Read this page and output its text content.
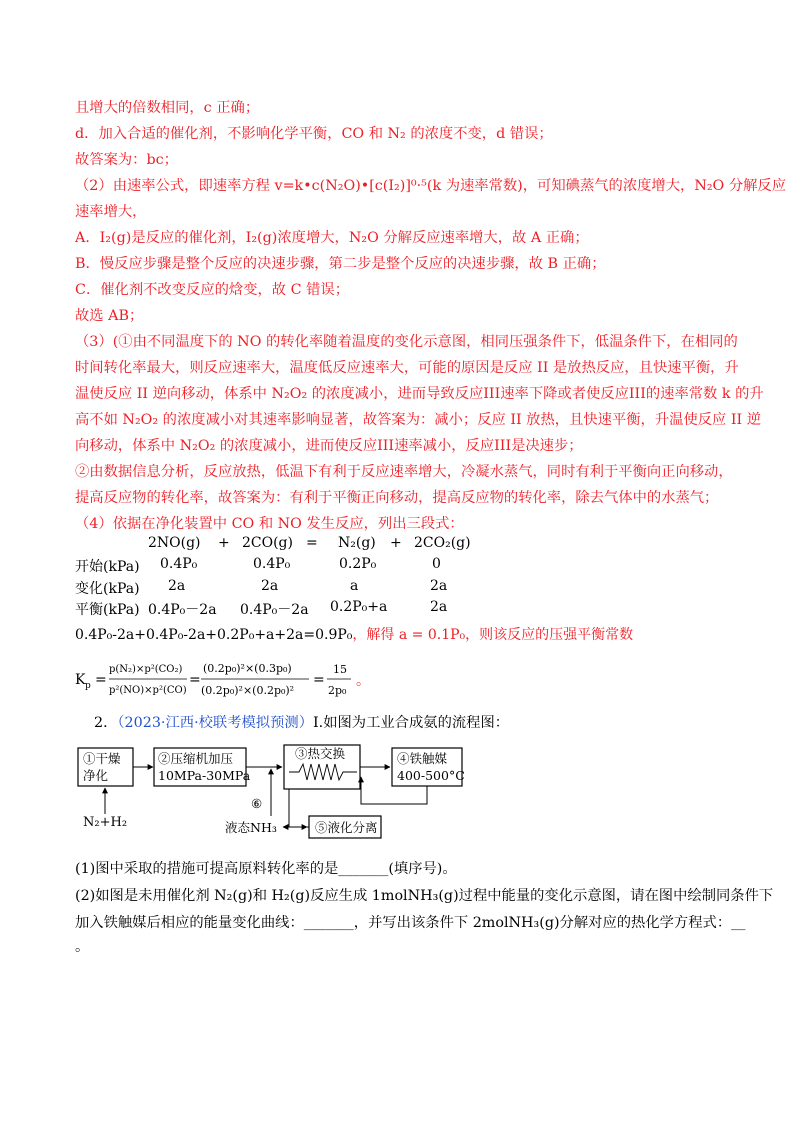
且增大的倍数相同，c 正确；
d．加入合适的催化剂，不影响化学平衡，CO 和 N₂ 的浓度不变，d 错误；
故答案为：bc；
（2）由速率公式，即速率方程 v=k•c(N₂O)•[c(I₂)]⁰·⁵(k 为速率常数)，可知碘蒸气的浓度增大，N₂O 分解反应
速率增大，
A．I₂(g)是反应的催化剂，I₂(g)浓度增大，N₂O 分解反应速率增大，故 A 正确；
B．慢反应步骤是整个反应的决速步骤，第二步是整个反应的决速步骤，故 B 正确；
C．催化剂不改变反应的焓变，故 C 错误；
故选 AB；
（3）(①由不同温度下的 NO 的转化率随着温度的变化示意图，相同压强条件下，低温条件下，在相同的
时间转化率最大，则反应速率大，温度低反应速率大，可能的原因是反应 II 是放热反应，且快速平衡，升
温使反应 II 逆向移动，体系中 N₂O₂ 的浓度减小，进而导致反应III速率下降或者使反应III的速率常数 k 的升
高不如 N₂O₂ 的浓度减小对其速率影响显著，故答案为：减小；反应 II 放热，且快速平衡，升温使反应 II 逆
向移动，体系中 N₂O₂ 的浓度减小，进而使反应III速率减小，反应III是决速步；
②由数据信息分析，反应放热，低温下有利于反应速率增大，冷凝水蒸气，同时有利于平衡向正向移动，
提高反应物的转化率，故答案为：有利于平衡正向移动，提高反应物的转化率，除去气体中的水蒸气；
（4）依据在净化装置中 CO 和 NO 发生反应，列出三段式：
2NO(g) + 2CO(g) = N₂(g) + 2CO₂(g)
开始(kPa) 0.4P₀	0.4P₀	0.2P₀	0
变化(kPa) 2a	2a	a	2a
平衡(kPa) 0.4P₀－2a 0.4P₀－2a 0.2P₀+a	2a
0.4P₀-2a+0.4P₀-2a+0.2P₀+a+2a=0.9P₀，解得 a = 0.1P₀，则该反应的压强平衡常数
K p =
p(N₂)×p²(CO₂)
p²(NO)×p²(CO)
=
(0.2p₀)²×(0.3p₀)
(0.2p₀)²×(0.2p₀)²
=
15
2p₀
。
2．（2023·江西·校联考模拟预测）I.如图为工业合成氨的流程图：
①干燥
净化
②压缩机加压
10MPa-30MPa
③热交换	④铁触媒
400-500°C
⑤液化分离
液态NH₃
⑥
N₂+H₂
(1)图中采取的措施可提高原料转化率的是_______(填序号)。
(2)如图是未用催化剂 N₂(g)和 H₂(g)反应生成 1molNH₃(g)过程中能量的变化示意图，请在图中绘制同条件下
加入铁触媒后相应的能量变化曲线：_______，并写出该条件下 2molNH₃(g)分解对应的热化学方程式：__
。
